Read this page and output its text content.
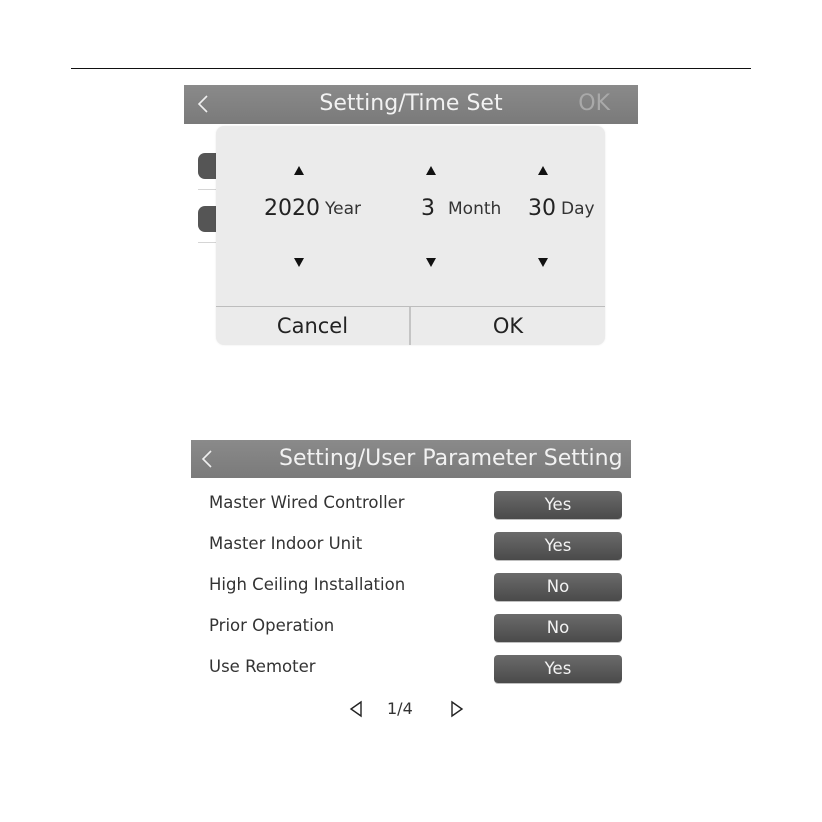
Setting/Time Set	OK
2020 Year	3 Month 30 Day
Cancel	OK
Setting/User Parameter Setting
Master Wired Controller	Yes
Master Indoor Unit	Yes
High Ceiling Installation	No
Prior Operation	No
Use Remoter	Yes
1/4
